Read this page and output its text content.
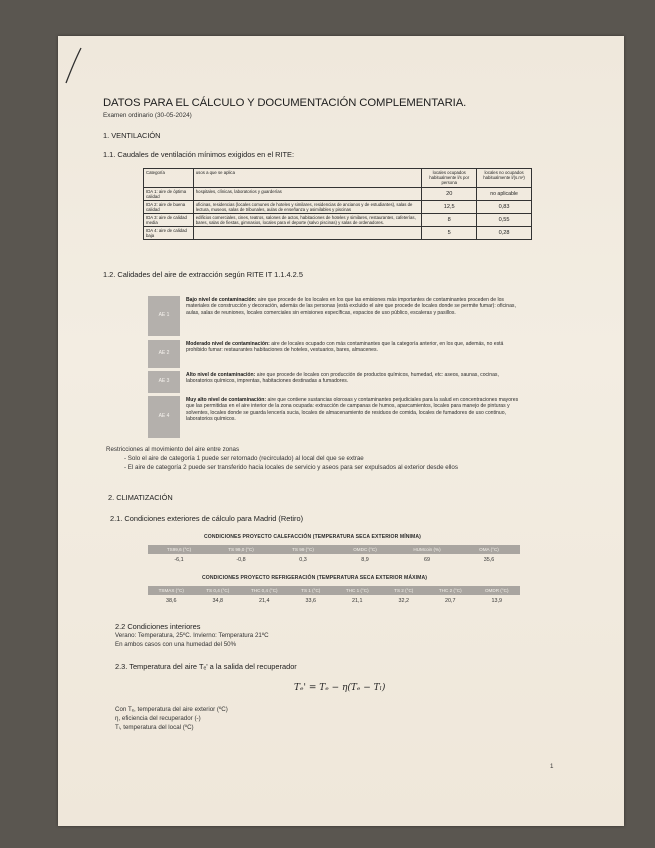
DATOS PARA EL CÁLCULO Y DOCUMENTACIÓN COMPLEMENTARIA.
Examen ordinario (30-05-2024)
1. VENTILACIÓN
1.1. Caudales de ventilación mínimos exigidos en el RITE:
Categoría	usos a que se aplica	locales ocupados habitualmente l/s por persona	locales no ocupados habitualmente l/(s.m²)
IDA 1: aire de óptima calidad	hospitales, clínicas, laboratorios y guarderías	20	no aplicable
IDA 2: aire de buena calidad	oficinas, residencias (locales comunes de hoteles y similares, residencias de ancianos y de estudiantes), salas de lectura, museos, salas de tribunales, aulas de enseñanza y asimilables y piscinas	12,5	0,83
IDA 3: aire de calidad media	edificios comerciales, cines, teatros, salones de actos, habitaciones de hoteles y similares, restaurantes, cafeterías, bares, salas de fiestas, gimnasios, locales para el deporte (salvo piscinas) y salas de ordenadores.	8	0,55
IDA 4: aire de calidad baja		5	0,28
1.2. Calidades del aire de extracción según RITE IT 1.1.4.2.5
AE 1
Bajo nivel de contaminación: aire que procede de los locales en los que las emisiones más importantes de contaminantes proceden de los materiales de construcción y decoración, además de las personas (está excluido el aire que procede de locales donde se permite fumar): oficinas, aulas, salas de reuniones, locales comerciales sin emisiones específicas, espacios de uso público, escaleras y pasillos.
AE 2
Moderado nivel de contaminación: aire de locales ocupado con más contaminantes que la categoría anterior, en los que, además, no está prohibido fumar: restaurantes habitaciones de hoteles, vestuarios, bares, almacenes.
AE 3
Alto nivel de contaminación: aire que procede de locales con producción de productos químicos, humedad, etc: aseos, saunas, cocinas, laboratorios químicos, imprentas, habitaciones destinadas a fumadores.
AE 4
Muy alto nivel de contaminación: aire que contiene sustancias olorosas y contaminantes perjudiciales para la salud en concentraciones mayores que las permitidas en el aire interior de la zona ocupada: extracción de campanas de humos, aparcamientos, locales para manejo de pinturas y solventes, locales donde se guarda lencería sucia, locales de almacenamiento de residuos de comida, locales de fumadores de uso continuo, laboratorios químicos.
Restricciones al movimiento del aire entre zonas
- Solo el aire de categoría 1 puede ser retornado (recirculado) al local del que se extrae
- El aire de categoría 2 puede ser transferido hacia locales de servicio y aseos para ser expulsados al exterior desde ellos
2. CLIMATIZACIÓN
2.1. Condiciones exteriores de cálculo para Madrid (Retiro)
CONDICIONES PROYECTO CALEFACCIÓN (TEMPERATURA SECA EXTERIOR MÍNIMA)
TS99,6 (°C)	TS 99,0 (°C)	TS 99 (°C)	OMDC (°C)	HUMcoin (%)	OMA (°C)
-6,1	-0,8	0,3	8,9	69	35,6
CONDICIONES PROYECTO REFRIGERACIÓN (TEMPERATURA SECA EXTERIOR MÁXIMA)
TSMAX (°C)	TS 0,4 (°C)	THC 0,4 (°C)	TS 1 (°C)	THC 1 (°C)	TS 2 (°C)	THC 2 (°C)	OMDR (°C)
38,6	34,8	21,4	33,6	21,1	32,2	20,7	13,9
2.2 Condiciones interiores
Verano: Temperatura, 25ºC. Invierno: Temperatura 21ºC
En ambos casos con una humedad del 50%
2.3. Temperatura del aire Tₑ' a la salida del recuperador
Tₑ' = Tₑ − η(Tₑ − Tₗ)
Con Tₑ, temperatura del aire exterior (ºC)
η, eficiencia del recuperador (-)
Tₗ, temperatura del local (ºC)
1
